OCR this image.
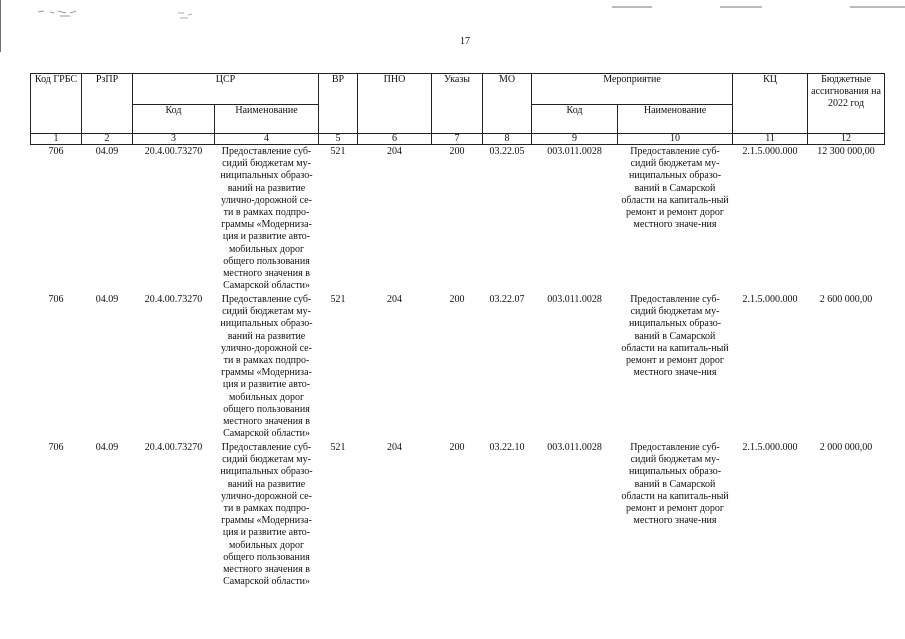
17
Код ГРБС	РзПР	ЦСР		ВР	ПНО	Указы	МО	Мероприятие		КЦ	Бюджетные ассигнования на 2022 год
		Код	Наименование					Код	Наименование		
1	2	3	4	5	6	7	8	9	10	11	12
706	04.09	20.4.00.73270	Предоставление суб-сидий бюджетам му-ниципальных образо-ваний на развитие улично-дорожной се-ти в рамках подпро-граммы «Модерниза-ция и развитие авто-мобильных дорог общего пользования местного значения в Самарской области»	521	204	200	03.22.05	003.011.0028	Предоставление суб-сидий бюджетам му-ниципальных образо-ваний в Самарской области на капиталь-ный ремонт и ремонт дорог местного значе-ния	2.1.5.000.000	12 300 000,00
706	04.09	20.4.00.73270	Предоставление суб-сидий бюджетам му-ниципальных образо-ваний на развитие улично-дорожной се-ти в рамках подпро-граммы «Модерниза-ция и развитие авто-мобильных дорог общего пользования местного значения в Самарской области»	521	204	200	03.22.07	003.011.0028	Предоставление суб-сидий бюджетам му-ниципальных образо-ваний в Самарской области на капиталь-ный ремонт и ремонт дорог местного значе-ния	2.1.5.000.000	2 600 000,00
706	04.09	20.4.00.73270	Предоставление суб-сидий бюджетам му-ниципальных образо-ваний на развитие улично-дорожной се-ти в рамках подпро-граммы «Модерниза-ция и развитие авто-мобильных дорог общего пользования местного значения в Самарской области»	521	204	200	03.22.10	003.011.0028	Предоставление суб-сидий бюджетам му-ниципальных образо-ваний в Самарской области на капиталь-ный ремонт и ремонт дорог местного значе-ния	2.1.5.000.000	2 000 000,00
